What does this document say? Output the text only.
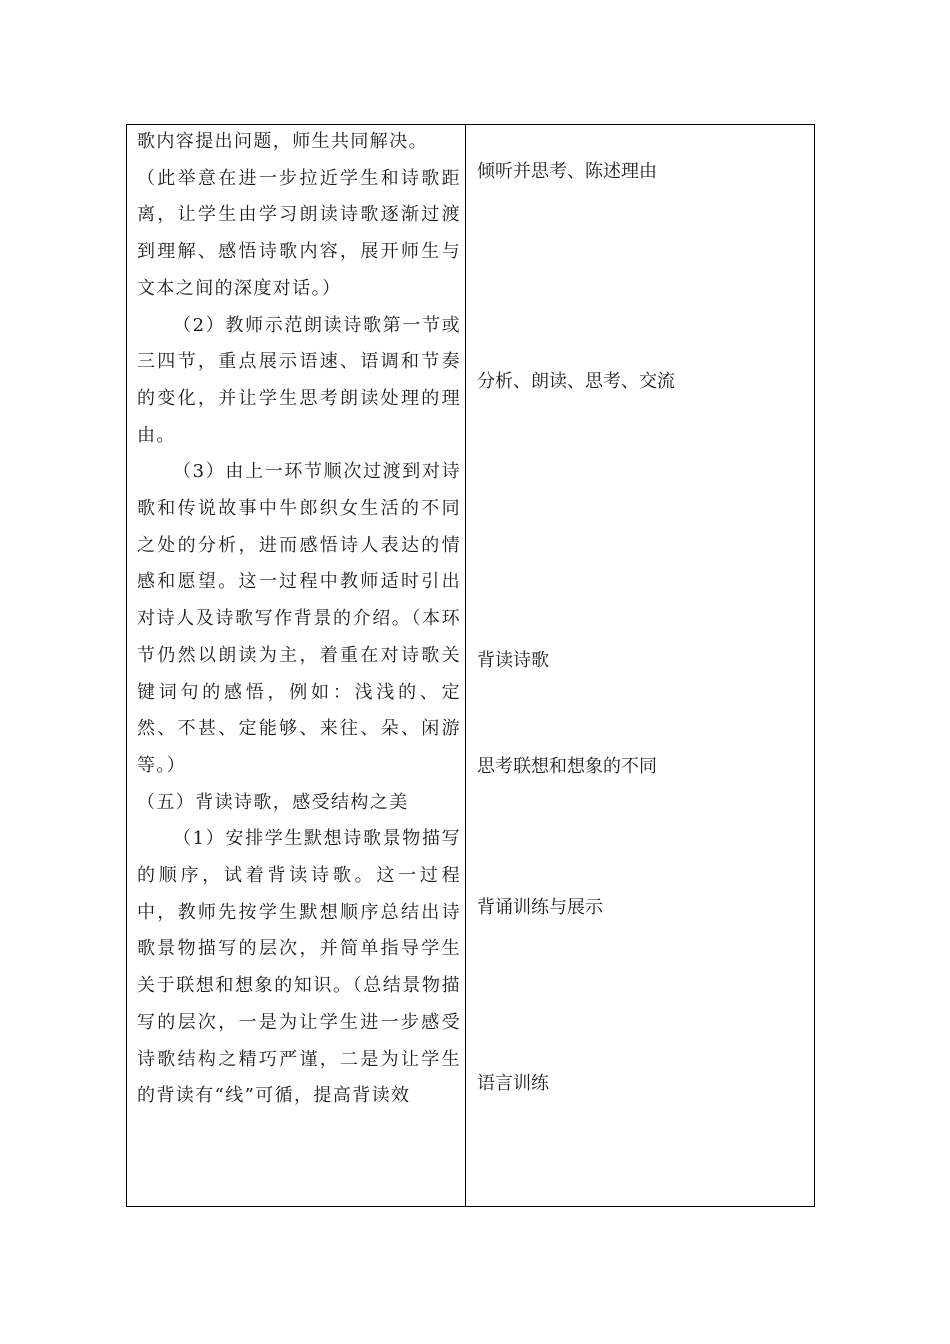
歌内容提出问题，师生共同解决。

（此举意在进一步拉近学生和诗歌距离，让学生由学习朗读诗歌逐渐过渡到理解、感悟诗歌内容，展开师生与文本之间的深度对话。）

（2）教师示范朗读诗歌第一节或三四节，重点展示语速、语调和节奏的变化，并让学生思考朗读处理的理由。

（3）由上一环节顺次过渡到对诗歌和传说故事中牛郎织女生活的不同之处的分析，进而感悟诗人表达的情感和愿望。这一过程中教师适时引出对诗人及诗歌写作背景的介绍。（本环节仍然以朗读为主，着重在对诗歌关键词句的感悟，例如：浅浅的、定然、不甚、定能够、来往、朵、闲游等。）

（五）背读诗歌，感受结构之美

（1）安排学生默想诗歌景物描写的顺序，试着背读诗歌。这一过程中，教师先按学生默想顺序总结出诗歌景物描写的层次，并简单指导学生关于联想和想象的知识。（总结景物描写的层次，一是为让学生进一步感受诗歌结构之精巧严谨，二是为让学生的背读有“线”可循，提高背读效

倾听并思考、陈述理由
分析、朗读、思考、交流
背读诗歌
思考联想和想象的不同
背诵训练与展示
语言训练
